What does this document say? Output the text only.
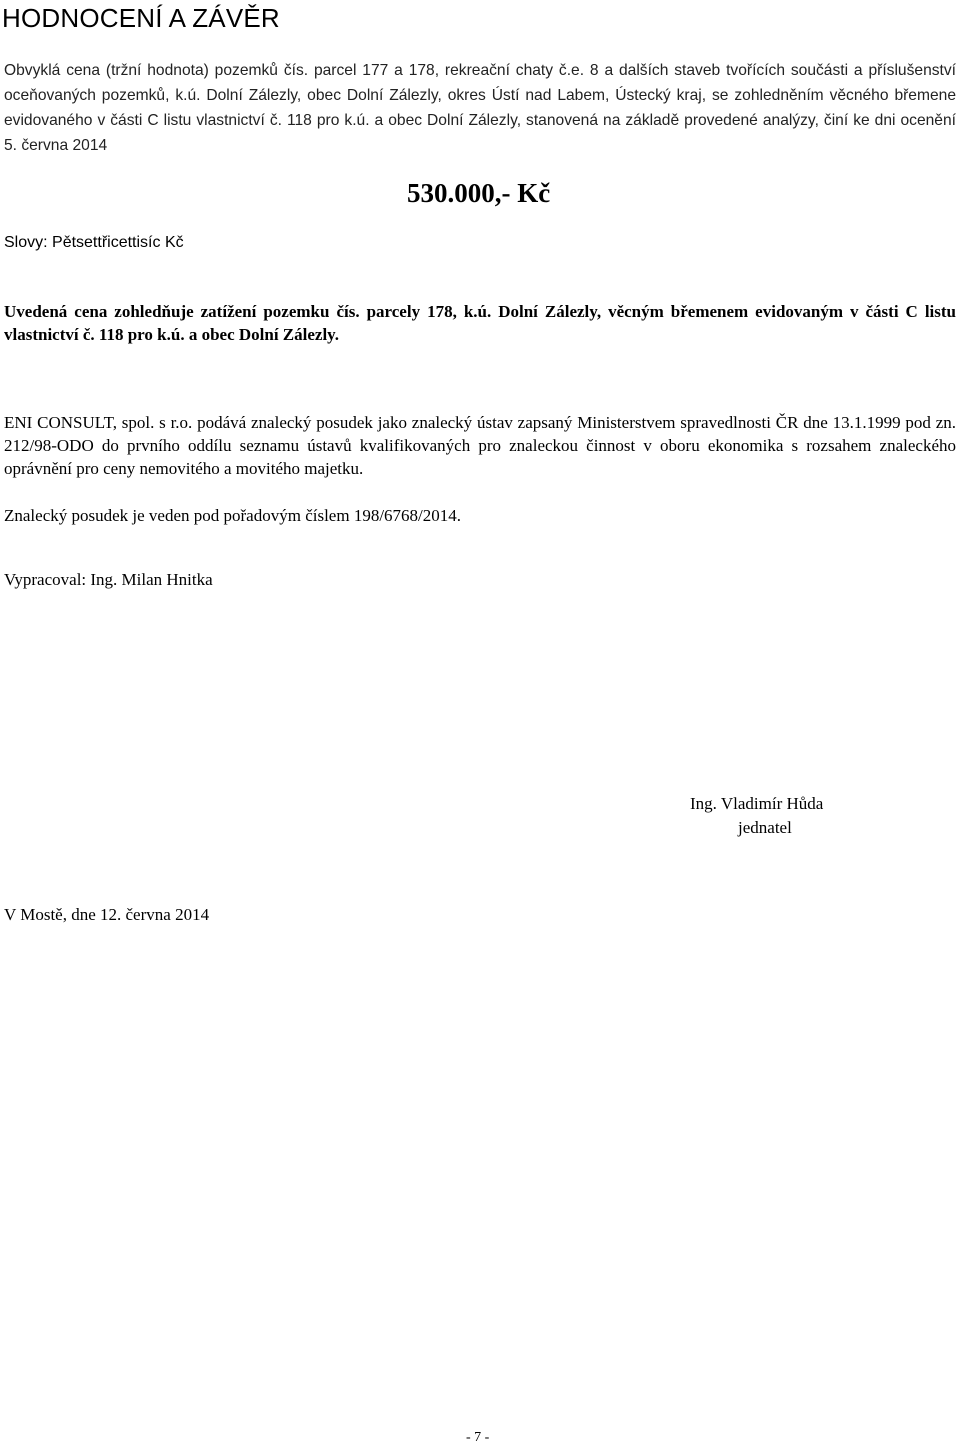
HODNOCENÍ A ZÁVĚR
Obvyklá cena (tržní hodnota) pozemků čís. parcel 177 a 178, rekreační chaty č.e. 8 a dalších staveb tvořících součásti a příslušenství oceňovaných pozemků, k.ú. Dolní Zálezly, obec Dolní Zálezly, okres Ústí nad Labem, Ústecký kraj, se zohledněním věcného břemene evidovaného v části C listu vlastnictví č. 118 pro k.ú. a obec Dolní Zálezly, stanovená na základě provedené analýzy, činí ke dni ocenění 5. června 2014
530.000,- Kč
Slovy: Pětsettřicettisíc Kč
Uvedená cena zohledňuje zatížení pozemku čís. parcely 178, k.ú. Dolní Zálezly, věcným břemenem evidovaným v části C listu vlastnictví č. 118 pro k.ú. a obec Dolní Zálezly.
ENI CONSULT, spol. s r.o. podává znalecký posudek jako znalecký ústav zapsaný Ministerstvem spravedlnosti ČR dne 13.1.1999 pod zn. 212/98-ODO do prvního oddílu seznamu ústavů kvalifikovaných pro znaleckou činnost v oboru ekonomika s rozsahem znaleckého oprávnění pro ceny nemovitého a movitého majetku.
Znalecký posudek je veden pod pořadovým číslem 198/6768/2014.
Vypracoval: Ing. Milan Hnitka
Ing. Vladimír Hůda
jednatel
V Mostě, dne 12. června 2014
- 7 -
